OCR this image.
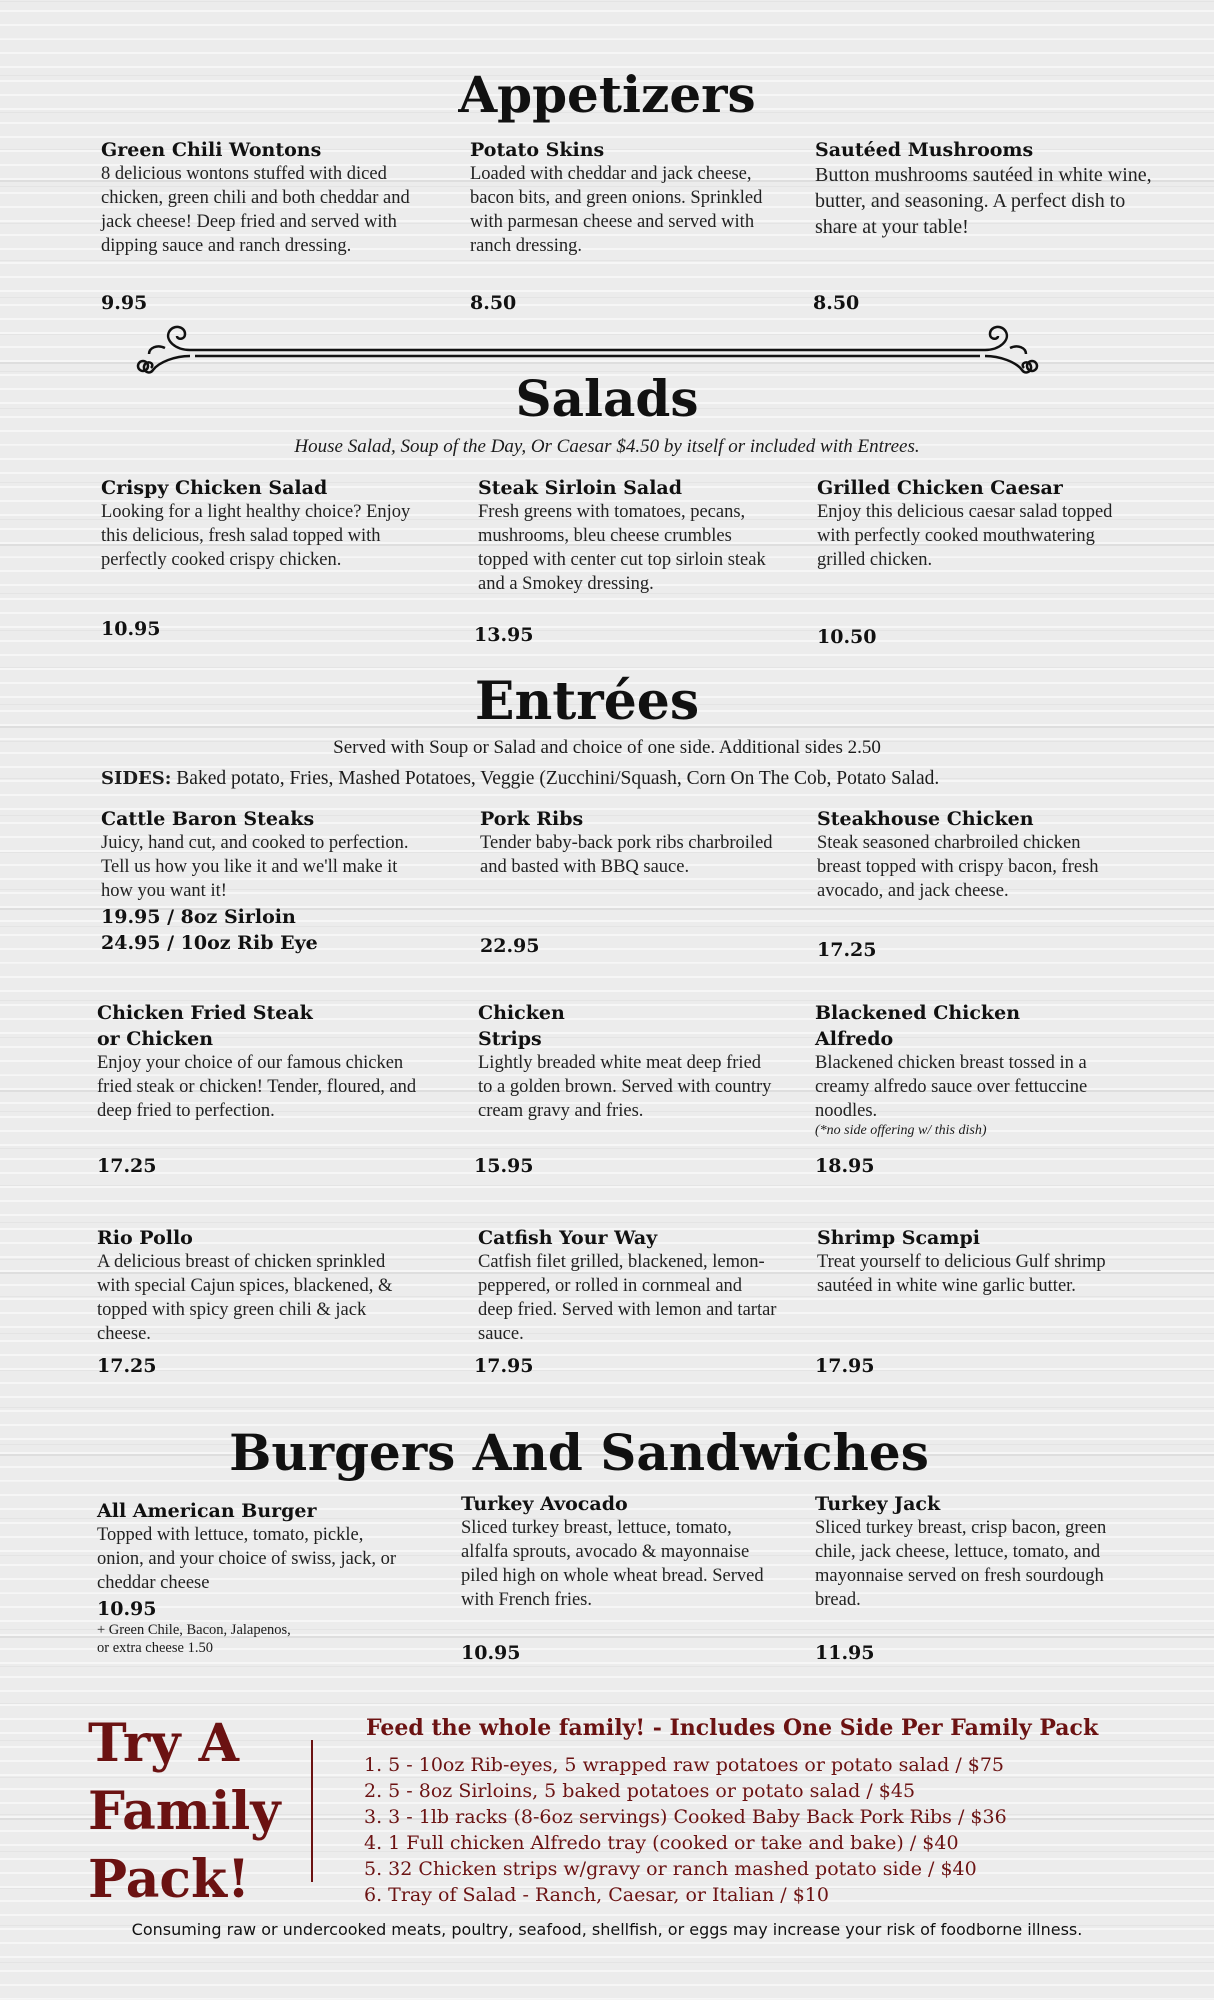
Appetizers
Green Chili Wontons
8 delicious wontons stuffed with diced chicken, green chili and both cheddar and jack cheese! Deep fried and served with dipping sauce and ranch dressing.
9.95
Potato Skins
Loaded with cheddar and jack cheese, bacon bits, and green onions. Sprinkled with parmesan cheese and served with ranch dressing.
8.50
Sautéed Mushrooms
Button mushrooms sautéed in white wine, butter, and seasoning. A perfect dish to share at your table!
8.50
Salads
House Salad, Soup of the Day, Or Caesar $4.50 by itself or included with Entrees.
Crispy Chicken Salad
Looking for a light healthy choice? Enjoy this delicious, fresh salad topped with perfectly cooked crispy chicken.
10.95
Steak Sirloin Salad
Fresh greens with tomatoes, pecans, mushrooms, bleu cheese crumbles topped with center cut top sirloin steak and a Smokey dressing.
13.95
Grilled Chicken Caesar
Enjoy this delicious caesar salad topped with perfectly cooked mouthwatering grilled chicken.
10.50
Entrées
Served with Soup or Salad and choice of one side. Additional sides 2.50
SIDES: Baked potato, Fries, Mashed Potatoes, Veggie (Zucchini/Squash, Corn On The Cob, Potato Salad.
Cattle Baron Steaks
Juicy, hand cut, and cooked to perfection. Tell us how you like it and we'll make it how you want it!
19.95 / 8oz Sirloin
24.95 / 10oz Rib Eye
Pork Ribs
Tender baby-back pork ribs charbroiled and basted with BBQ sauce.
22.95
Steakhouse Chicken
Steak seasoned charbroiled chicken breast topped with crispy bacon, fresh avocado, and jack cheese.
17.25
Chicken Fried Steak
or Chicken
Enjoy your choice of our famous chicken fried steak or chicken! Tender, floured, and deep fried to perfection.
17.25
Chicken
Strips
Lightly breaded white meat deep fried to a golden brown. Served with country cream gravy and fries.
15.95
Blackened Chicken
Alfredo
Blackened chicken breast tossed in a creamy alfredo sauce over fettuccine noodles.
(*no side offering w/ this dish)
18.95
Rio Pollo
A delicious breast of chicken sprinkled with special Cajun spices, blackened, & topped with spicy green chili & jack cheese.
17.25
Catfish Your Way
Catfish filet grilled, blackened, lemon-peppered, or rolled in cornmeal and deep fried. Served with lemon and tartar sauce.
17.95
Shrimp Scampi
Treat yourself to delicious Gulf shrimp sautéed in white wine garlic butter.
17.95
Burgers And Sandwiches
All American Burger
Topped with lettuce, tomato, pickle, onion, and your choice of swiss, jack, or cheddar cheese
10.95
+ Green Chile, Bacon, Jalapenos,
or extra cheese 1.50
Turkey Avocado
Sliced turkey breast, lettuce, tomato, alfalfa sprouts, avocado & mayonnaise piled high on whole wheat bread. Served with French fries.
10.95
Turkey Jack
Sliced turkey breast, crisp bacon, green chile, jack cheese, lettuce, tomato, and mayonnaise served on fresh sourdough bread.
11.95
Try A
Family
Pack!
Feed the whole family! - Includes One Side Per Family Pack
1. 5 - 10oz Rib-eyes, 5 wrapped raw potatoes or potato salad / $75
2. 5 - 8oz Sirloins, 5 baked potatoes or potato salad / $45
3. 3 - 1lb racks (8-6oz servings) Cooked Baby Back Pork Ribs / $36
4. 1 Full chicken Alfredo tray (cooked or take and bake) / $40
5. 32 Chicken strips w/gravy or ranch mashed potato side / $40
6. Tray of Salad - Ranch, Caesar, or Italian / $10
Consuming raw or undercooked meats, poultry, seafood, shellfish, or eggs may increase your risk of foodborne illness.
